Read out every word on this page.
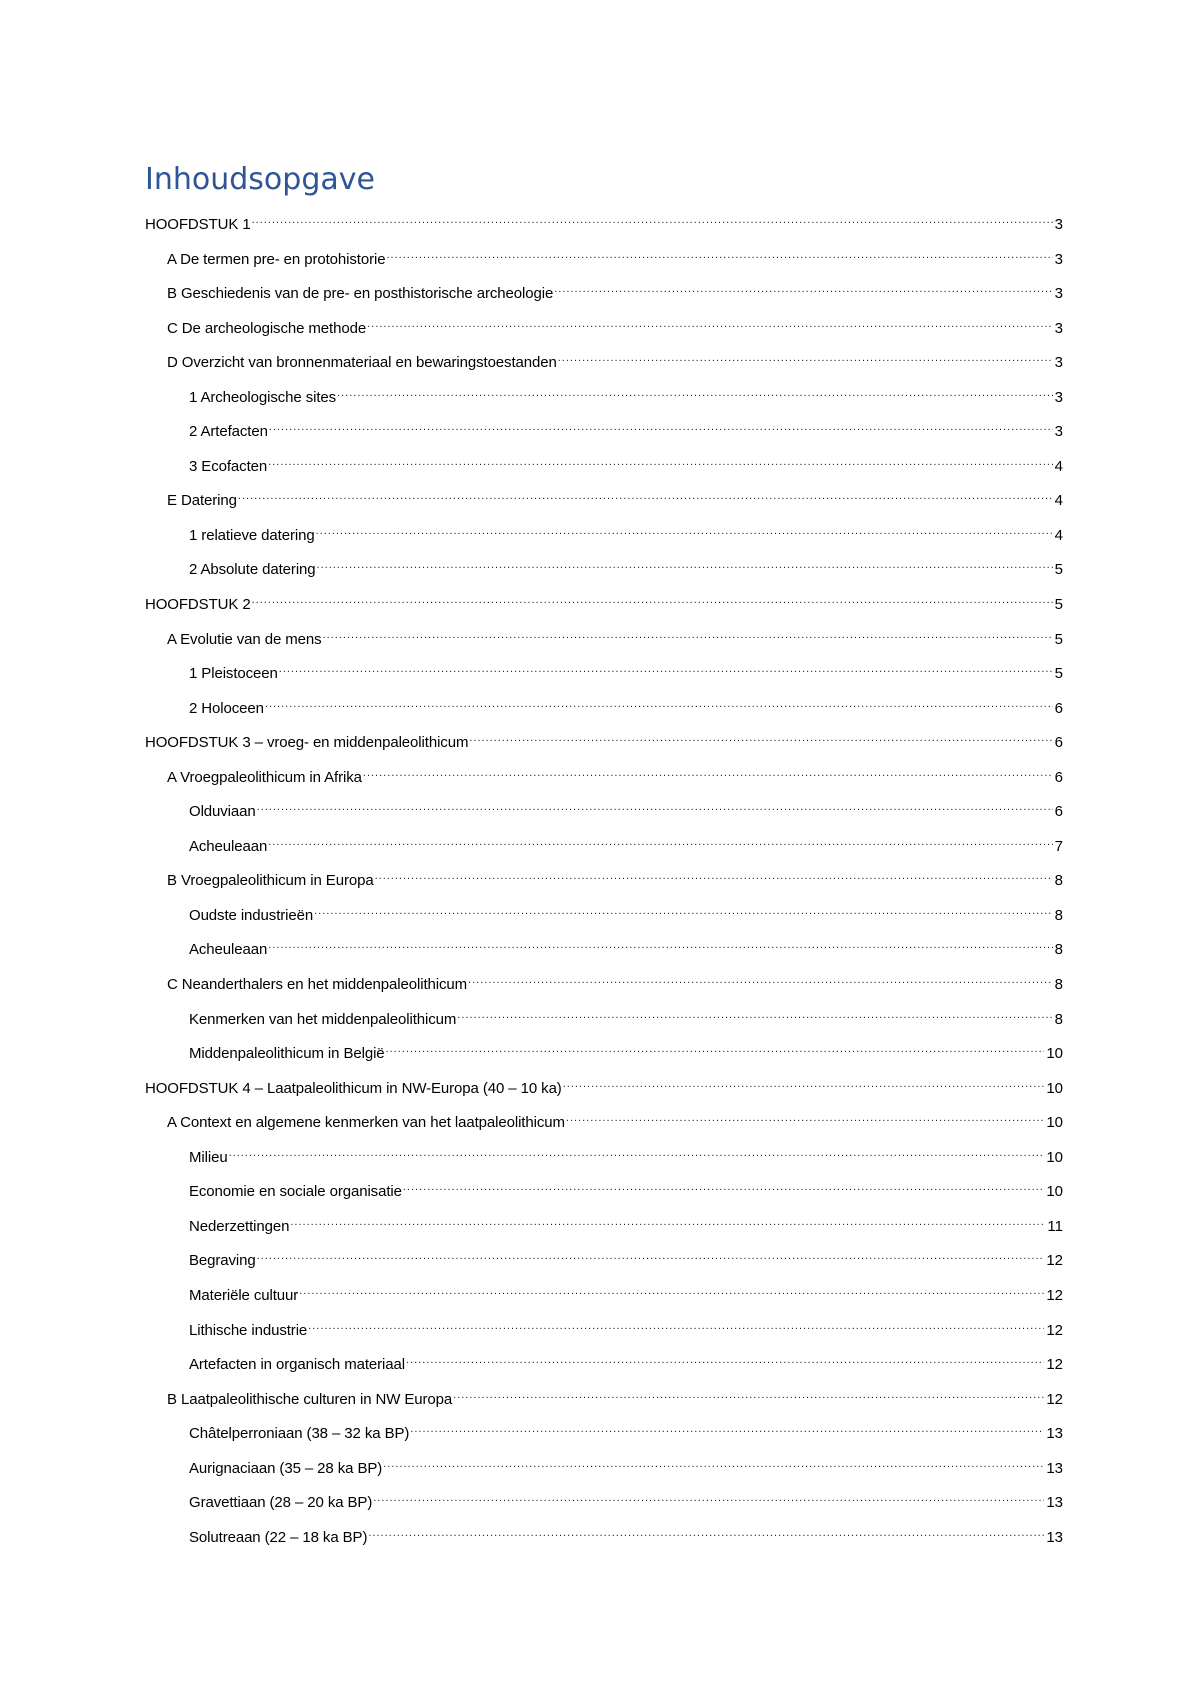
Inhoudsopgave
HOOFDSTUK 1 .....	3
A De termen pre- en protohistorie .....	3
B Geschiedenis van de pre- en posthistorische archeologie .....	3
C De archeologische methode .....	3
D Overzicht van bronnenmateriaal en bewaringstoestanden .....	3
1 Archeologische sites .....	3
2 Artefacten .....	3
3 Ecofacten .....	4
E Datering .....	4
1 relatieve datering .....	4
2 Absolute datering .....	5
HOOFDSTUK 2 .....	5
A Evolutie van de mens .....	5
1 Pleistoceen .....	5
2 Holoceen .....	6
HOOFDSTUK 3 – vroeg- en middenpaleolithicum .....	6
A Vroegpaleolithicum in Afrika .....	6
Olduviaan .....	6
Acheuleaan .....	7
B Vroegpaleolithicum in Europa .....	8
Oudste industrieën .....	8
Acheuleaan .....	8
C Neanderthalers en het middenpaleolithicum .....	8
Kenmerken van het middenpaleolithicum .....	8
Middenpaleolithicum in België .....	10
HOOFDSTUK 4 – Laatpaleolithicum in NW-Europa (40 – 10 ka) .....	10
A Context en algemene kenmerken van het laatpaleolithicum .....	10
Milieu .....	10
Economie en sociale organisatie .....	10
Nederzettingen .....	11
Begraving .....	12
Materiële cultuur .....	12
Lithische industrie .....	12
Artefacten in organisch materiaal .....	12
B Laatpaleolithische culturen in NW Europa .....	12
Châtelperroniaan (38 – 32 ka BP) .....	13
Aurignaciaan (35 – 28 ka BP) .....	13
Gravettiaan (28 – 20 ka BP) .....	13
Solutreaan (22 – 18 ka BP) .....	13
